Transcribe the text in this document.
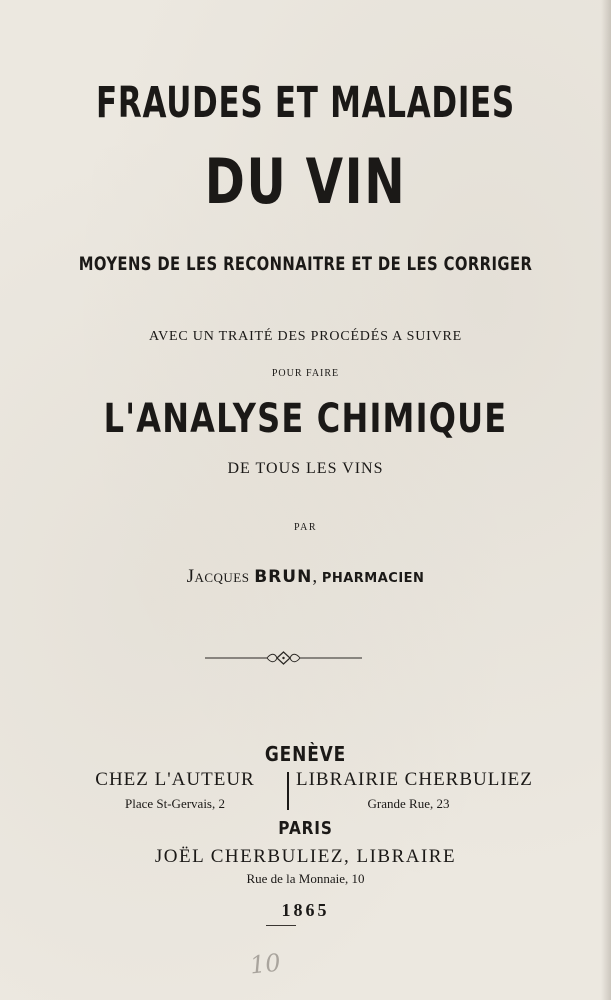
FRAUDES ET MALADIES
DU VIN
MOYENS DE LES RECONNAITRE ET DE LES CORRIGER
AVEC UN TRAITÉ DES PROCÉDÉS A SUIVRE
POUR FAIRE
L'ANALYSE CHIMIQUE
DE TOUS LES VINS
PAR
Jacques BRUN, PHARMACIEN
GENÈVE
CHEZ L'AUTEUR
Place St-Gervais, 2
LIBRAIRIE CHERBULIEZ
Grande Rue, 23
PARIS
JOËL CHERBULIEZ, LIBRAIRE
Rue de la Monnaie, 10
1865
10
